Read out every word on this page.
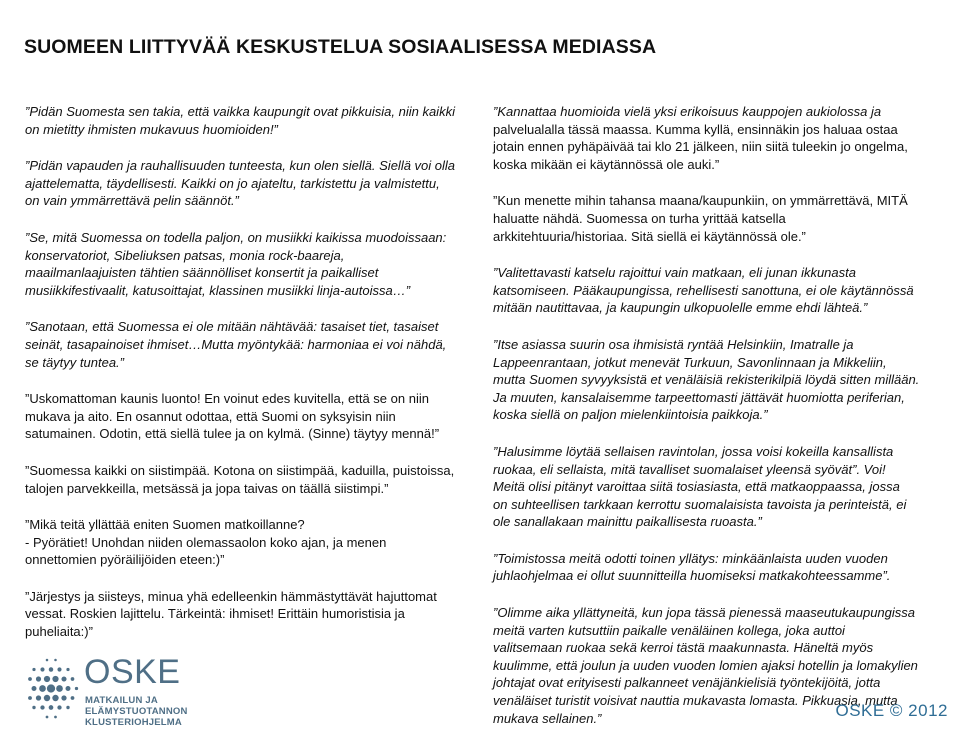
SUOMEEN LIITTYVÄÄ KESKUSTELUA SOSIAALISESSA MEDIASSA
”Pidän Suomesta sen takia, että vaikka kaupungit ovat pikkuisia, niin kaikki
on mietitty ihmisten mukavuus huomioiden!”
”Pidän vapauden ja rauhallisuuden tunteesta, kun olen siellä. Siellä voi olla
ajattelematta, täydellisesti. Kaikki on jo ajateltu, tarkistettu ja valmistettu,
on vain ymmärrettävä pelin säännöt.”
”Se, mitä Suomessa on todella paljon, on musiikki kaikissa muodoissaan:
konservatoriot, Sibeliuksen patsas, monia rock-baareja,
maailmanlaajuisten tähtien säännölliset konsertit ja paikalliset
musiikkifestivaalit, katusoittajat, klassinen musiikki linja-autoissa…”
”Sanotaan, että Suomessa ei ole mitään nähtävää: tasaiset tiet, tasaiset
seinät, tasapainoiset ihmiset…Mutta myöntykää: harmoniaa ei voi nähdä,
se täytyy tuntea.”
”Uskomattoman kaunis luonto! En voinut edes kuvitella, että se on niin
mukava ja aito. En osannut odottaa, että Suomi on syksyisin niin
satumainen. Odotin, että siellä tulee ja on kylmä. (Sinne) täytyy mennä!”
”Suomessa kaikki on siistimpää. Kotona on siistimpää, kaduilla, puistoissa,
talojen parvekkeilla, metsässä ja jopa taivas on täällä siistimpi.”
”Mikä teitä yllättää eniten Suomen matkoillanne?
- Pyörätiet! Unohdan niiden olemassaolon koko ajan, ja menen
onnettomien pyöräilijöiden eteen:)”
”Järjestys ja siisteys, minua yhä edelleenkin hämmästyttävät hajuttomat
vessat. Roskien lajittelu. Tärkeintä: ihmiset! Erittäin humoristisia ja
puheliaita:)”
”Kannattaa huomioida vielä yksi erikoisuus kauppojen aukiolossa ja
palvelualalla tässä maassa. Kumma kyllä, ensinnäkin jos haluaa ostaa
jotain ennen pyhäpäivää tai klo 21 jälkeen, niin siitä tuleekin jo ongelma,
koska mikään ei käytännössä ole auki.”
”Kun menette mihin tahansa maana/kaupunkiin, on ymmärrettävä, MITÄ
haluatte nähdä. Suomessa on turha yrittää katsella
arkkitehtuuria/historiaa. Sitä siellä ei käytännössä ole.”
”Valitettavasti katselu rajoittui vain matkaan, eli junan ikkunasta
katsomiseen. Pääkaupungissa, rehellisesti sanottuna, ei ole käytännössä
mitään nautittavaa, ja kaupungin ulkopuolelle emme ehdi lähteä.”
”Itse asiassa suurin osa ihmisistä ryntää Helsinkiin, Imatralle ja
Lappeenrantaan, jotkut menevät Turkuun, Savonlinnaan ja Mikkeliin,
mutta Suomen syvyyksistä et venäläisiä rekisterikilpiä löydä sitten millään.
Ja muuten, kansalaisemme tarpeettomasti jättävät huomiotta periferian,
koska siellä on paljon mielenkiintoisia paikkoja.”
”Halusimme löytää sellaisen ravintolan, jossa voisi kokeilla kansallista
ruokaa, eli sellaista, mitä tavalliset suomalaiset yleensä syövät”. Voi!
Meitä olisi pitänyt varoittaa siitä tosiasiasta, että matkaoppaassa, jossa
on suhteellisen tarkkaan kerrottu suomalaisista tavoista ja perinteistä, ei
ole sanallakaan mainittu paikallisesta ruoasta.”
”Toimistossa meitä odotti toinen yllätys: minkäänlaista uuden vuoden
juhlaohjelmaa ei ollut suunnitteilla huomiseksi matkakohteessamme”.
”Olimme aika yllättyneitä, kun jopa tässä pienessä maaseutukaupungissa
meitä varten kutsuttiin paikalle venäläinen kollega, joka auttoi
valitsemaan ruokaa sekä kerroi tästä maakunnasta. Häneltä myös
kuulimme, että joulun ja uuden vuoden lomien ajaksi hotellin ja lomakylien
johtajat ovat erityisesti palkanneet venäjänkielisiä työntekijöitä, jotta
venäläiset turistit voisivat nauttia mukavasta lomasta. Pikkuasia, mutta
mukava sellainen.”
OSKE
MATKAILUN JA
ELÄMYSTUOTANNON
KLUSTERIOHJELMA
OSKE © 2012
